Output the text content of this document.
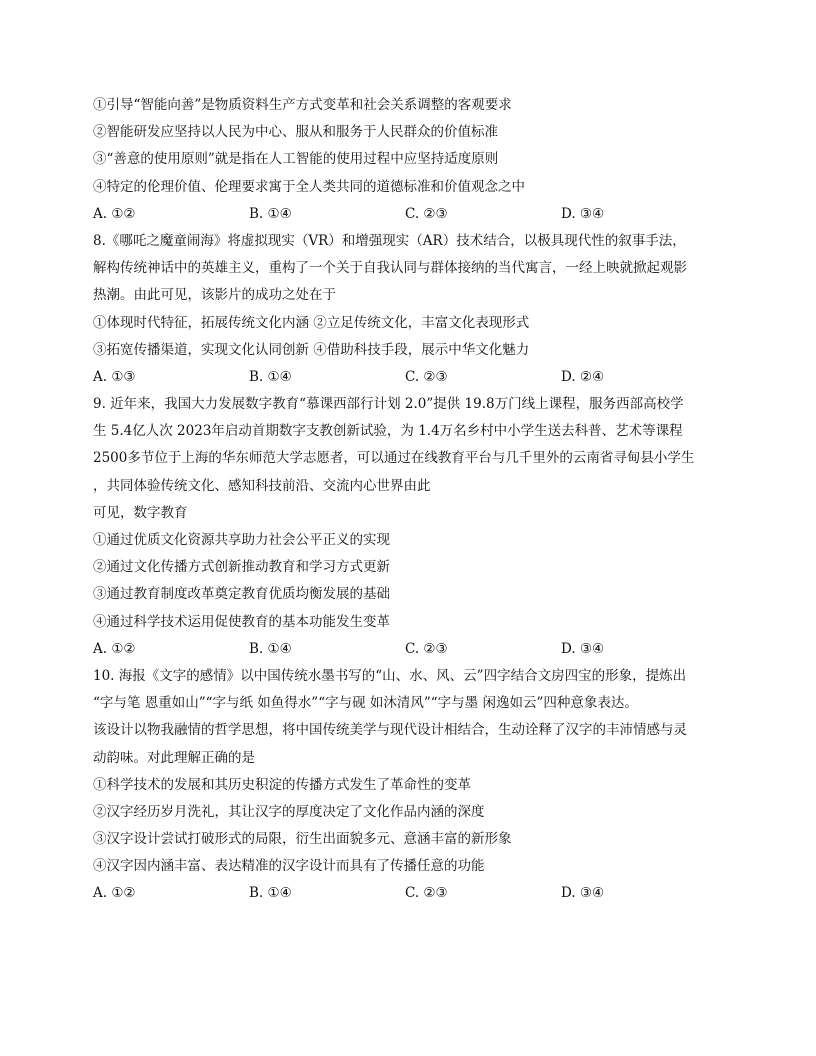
①引导“智能向善”是物质资料生产方式变革和社会关系调整的客观要求
②智能研发应坚持以人民为中心、服从和服务于人民群众的价值标准
③“善意的使用原则”就是指在人工智能的使用过程中应坚持适度原则
④特定的伦理价值、伦理要求寓于全人类共同的道德标准和价值观念之中
A. ①②	B. ①④	C. ②③	D. ③④
8.《哪吒之魔童闹海》将虚拟现实（VR）和增强现实（AR）技术结合，以极具现代性的叙事手法，
解构传统神话中的英雄主义，重构了一个关于自我认同与群体接纳的当代寓言，一经上映就掀起观影
热潮。由此可见，该影片的成功之处在于
①体现时代特征，拓展传统文化内涵 ②立足传统文化，丰富文化表现形式
③拓宽传播渠道，实现文化认同创新 ④借助科技手段，展示中华文化魅力
A. ①③	B. ①④	C. ②③	D. ②④
9. 近年来，我国大力发展数字教育“慕课西部行计划 2.0”提供 19.8万门线上课程，服务西部高校学
生 5.4亿人次 2023年启动首期数字支教创新试验，为 1.4万名乡村中小学生送去科普、艺术等课程
2500多节位于上海的华东师范大学志愿者，可以通过在线教育平台与几千里外的云南省寻甸县小学生
，共同体验传统文化、感知科技前沿、交流内心世界由此
可见，数字教育
①通过优质文化资源共享助力社会公平正义的实现
②通过文化传播方式创新推动教育和学习方式更新
③通过教育制度改革奠定教育优质均衡发展的基础
④通过科学技术运用促使教育的基本功能发生变革
A. ①②	B. ①④	C. ②③	D. ③④
10. 海报《文字的感情》以中国传统水墨书写的“山、水、风、云”四字结合文房四宝的形象，提炼出
“字与笔 恩重如山”“字与纸 如鱼得水”“字与砚 如沐清风”“字与墨 闲逸如云”四种意象表达。
该设计以物我融情的哲学思想，将中国传统美学与现代设计相结合，生动诠释了汉字的丰沛情感与灵
动韵味。对此理解正确的是
①科学技术的发展和其历史积淀的传播方式发生了革命性的变革
②汉字经历岁月洗礼，其让汉字的厚度决定了文化作品内涵的深度
③汉字设计尝试打破形式的局限，衍生出面貌多元、意涵丰富的新形象
④汉字因内涵丰富、表达精准的汉字设计而具有了传播任意的功能
A. ①②	B. ①④	C. ②③	D. ③④
